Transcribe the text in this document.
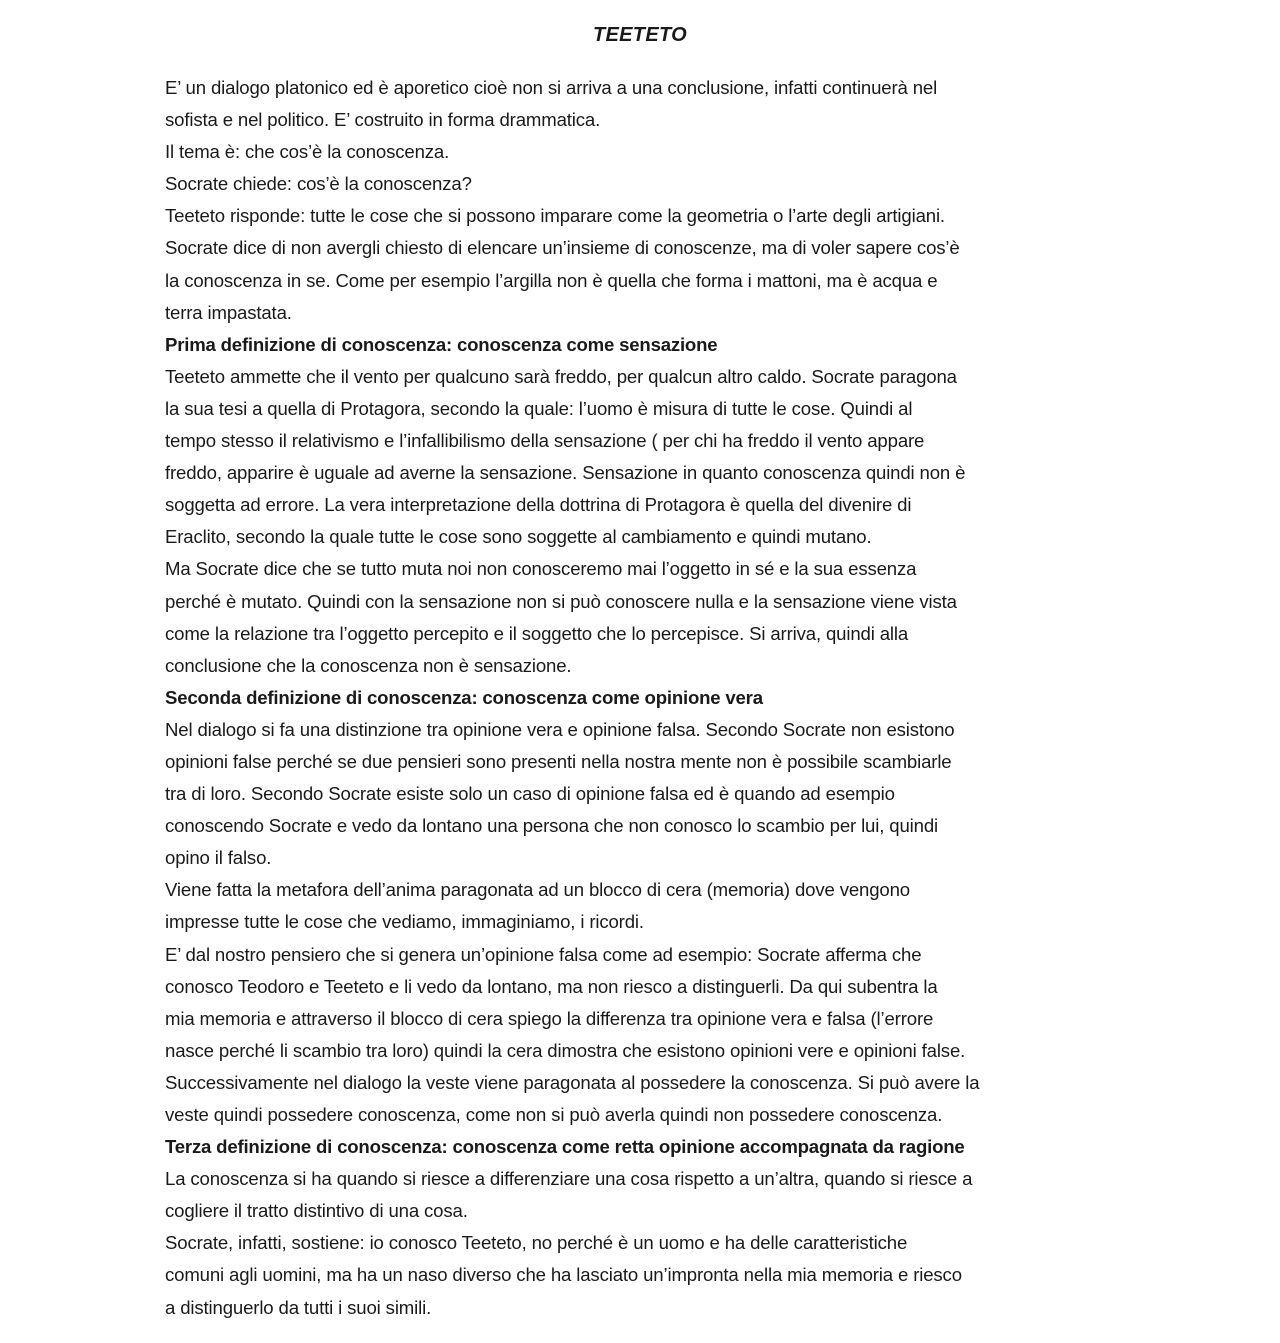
TEETETO
E’ un dialogo platonico ed è aporetico cioè non si arriva a una conclusione, infatti continuerà nel
sofista e nel politico. E’ costruito in forma drammatica.
Il tema è: che cos’è la conoscenza.
Socrate chiede: cos’è la conoscenza?
Teeteto risponde: tutte le cose che si possono imparare come la geometria o l’arte degli artigiani.
Socrate dice di non avergli chiesto di elencare un’insieme di conoscenze, ma di voler sapere cos’è
la conoscenza in se. Come per esempio l’argilla non è quella che forma i mattoni, ma è acqua e
terra impastata.
Prima definizione di conoscenza: conoscenza come sensazione
Teeteto ammette che il vento per qualcuno sarà freddo, per qualcun altro caldo. Socrate paragona
la sua tesi a quella di Protagora, secondo la quale: l’uomo è misura di tutte le cose. Quindi al
tempo stesso il relativismo e l’infallibilismo della sensazione ( per chi ha freddo il vento appare
freddo, apparire è uguale ad averne la sensazione. Sensazione in quanto conoscenza quindi non è
soggetta ad errore. La vera interpretazione della dottrina di Protagora è quella del divenire di
Eraclito, secondo la quale tutte le cose sono soggette al cambiamento e quindi mutano.
Ma Socrate dice che se tutto muta noi non conosceremo mai l’oggetto in sé e la sua essenza
perché è mutato. Quindi con la sensazione non si può conoscere nulla e la sensazione viene vista
come la relazione tra l’oggetto percepito e il soggetto che lo percepisce. Si arriva, quindi alla
conclusione che la conoscenza non è sensazione.
Seconda definizione di conoscenza: conoscenza come opinione vera
Nel dialogo si fa una distinzione tra opinione vera e opinione falsa. Secondo Socrate non esistono
opinioni false perché se due pensieri sono presenti nella nostra mente non è possibile scambiarle
tra di loro. Secondo Socrate esiste solo un caso di opinione falsa ed è quando ad esempio
conoscendo Socrate e vedo da lontano una persona che non conosco lo scambio per lui, quindi
opino il falso.
Viene fatta la metafora dell’anima paragonata ad un blocco di cera (memoria) dove vengono
impresse tutte le cose che vediamo, immaginiamo, i ricordi.
E’ dal nostro pensiero che si genera un’opinione falsa come ad esempio: Socrate afferma che
conosco Teodoro e Teeteto e li vedo da lontano, ma non riesco a distinguerli. Da qui subentra la
mia memoria e attraverso il blocco di cera spiego la differenza tra opinione vera e falsa (l’errore
nasce perché li scambio tra loro) quindi la cera dimostra che esistono opinioni vere e opinioni false.
Successivamente nel dialogo la veste viene paragonata al possedere la conoscenza. Si può avere la
veste quindi possedere conoscenza, come non si può averla quindi non possedere conoscenza.
Terza definizione di conoscenza: conoscenza come retta opinione accompagnata da ragione
La conoscenza si ha quando si riesce a differenziare una cosa rispetto a un’altra, quando si riesce a
cogliere il tratto distintivo di una cosa.
Socrate, infatti, sostiene: io conosco Teeteto, no perché è un uomo e ha delle caratteristiche
comuni agli uomini, ma ha un naso diverso che ha lasciato un’impronta nella mia memoria e riesco
a distinguerlo da tutti i suoi simili.
